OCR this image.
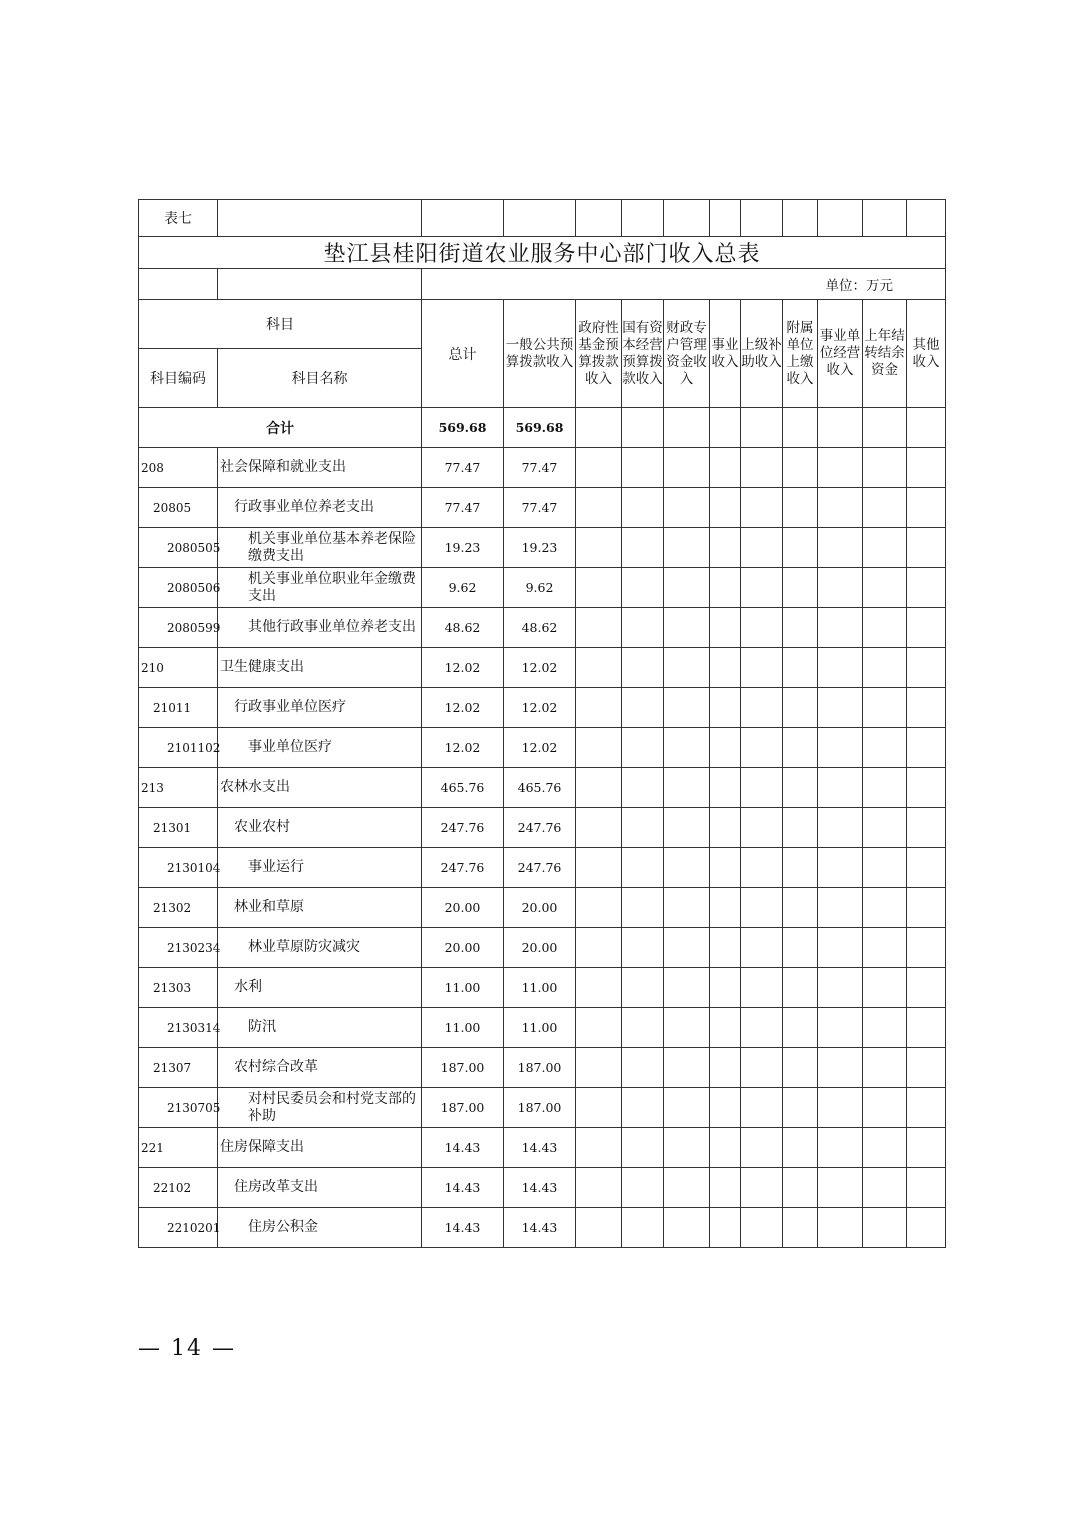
表七												
垫江县桂阳街道农业服务中心部门收入总表												
		单位：万元										
科目		总计	一般公共预算拨款收入	政府性基金预算拨款收入	国有资本经营预算拨款收入	财政专户管理资金收入	事业收入	上级补助收入	附属单位上缴收入	事业单位经营收入	上年结转结余资金	其他收入
科目编码	科目名称											
合计		569.68	569.68									
208	社会保障和就业支出	77.47	77.47									
20805	行政事业单位养老支出	77.47	77.47									
2080505	机关事业单位基本养老保险缴费支出	19.23	19.23									
2080506	机关事业单位职业年金缴费支出	9.62	9.62									
2080599	其他行政事业单位养老支出	48.62	48.62									
210	卫生健康支出	12.02	12.02									
21011	行政事业单位医疗	12.02	12.02									
2101102	事业单位医疗	12.02	12.02									
213	农林水支出	465.76	465.76									
21301	农业农村	247.76	247.76									
2130104	事业运行	247.76	247.76									
21302	林业和草原	20.00	20.00									
2130234	林业草原防灾减灾	20.00	20.00									
21303	水利	11.00	11.00									
2130314	防汛	11.00	11.00									
21307	农村综合改革	187.00	187.00									
2130705	对村民委员会和村党支部的补助	187.00	187.00									
221	住房保障支出	14.43	14.43									
22102	住房改革支出	14.43	14.43									
2210201	住房公积金	14.43	14.43									
— 14 —
